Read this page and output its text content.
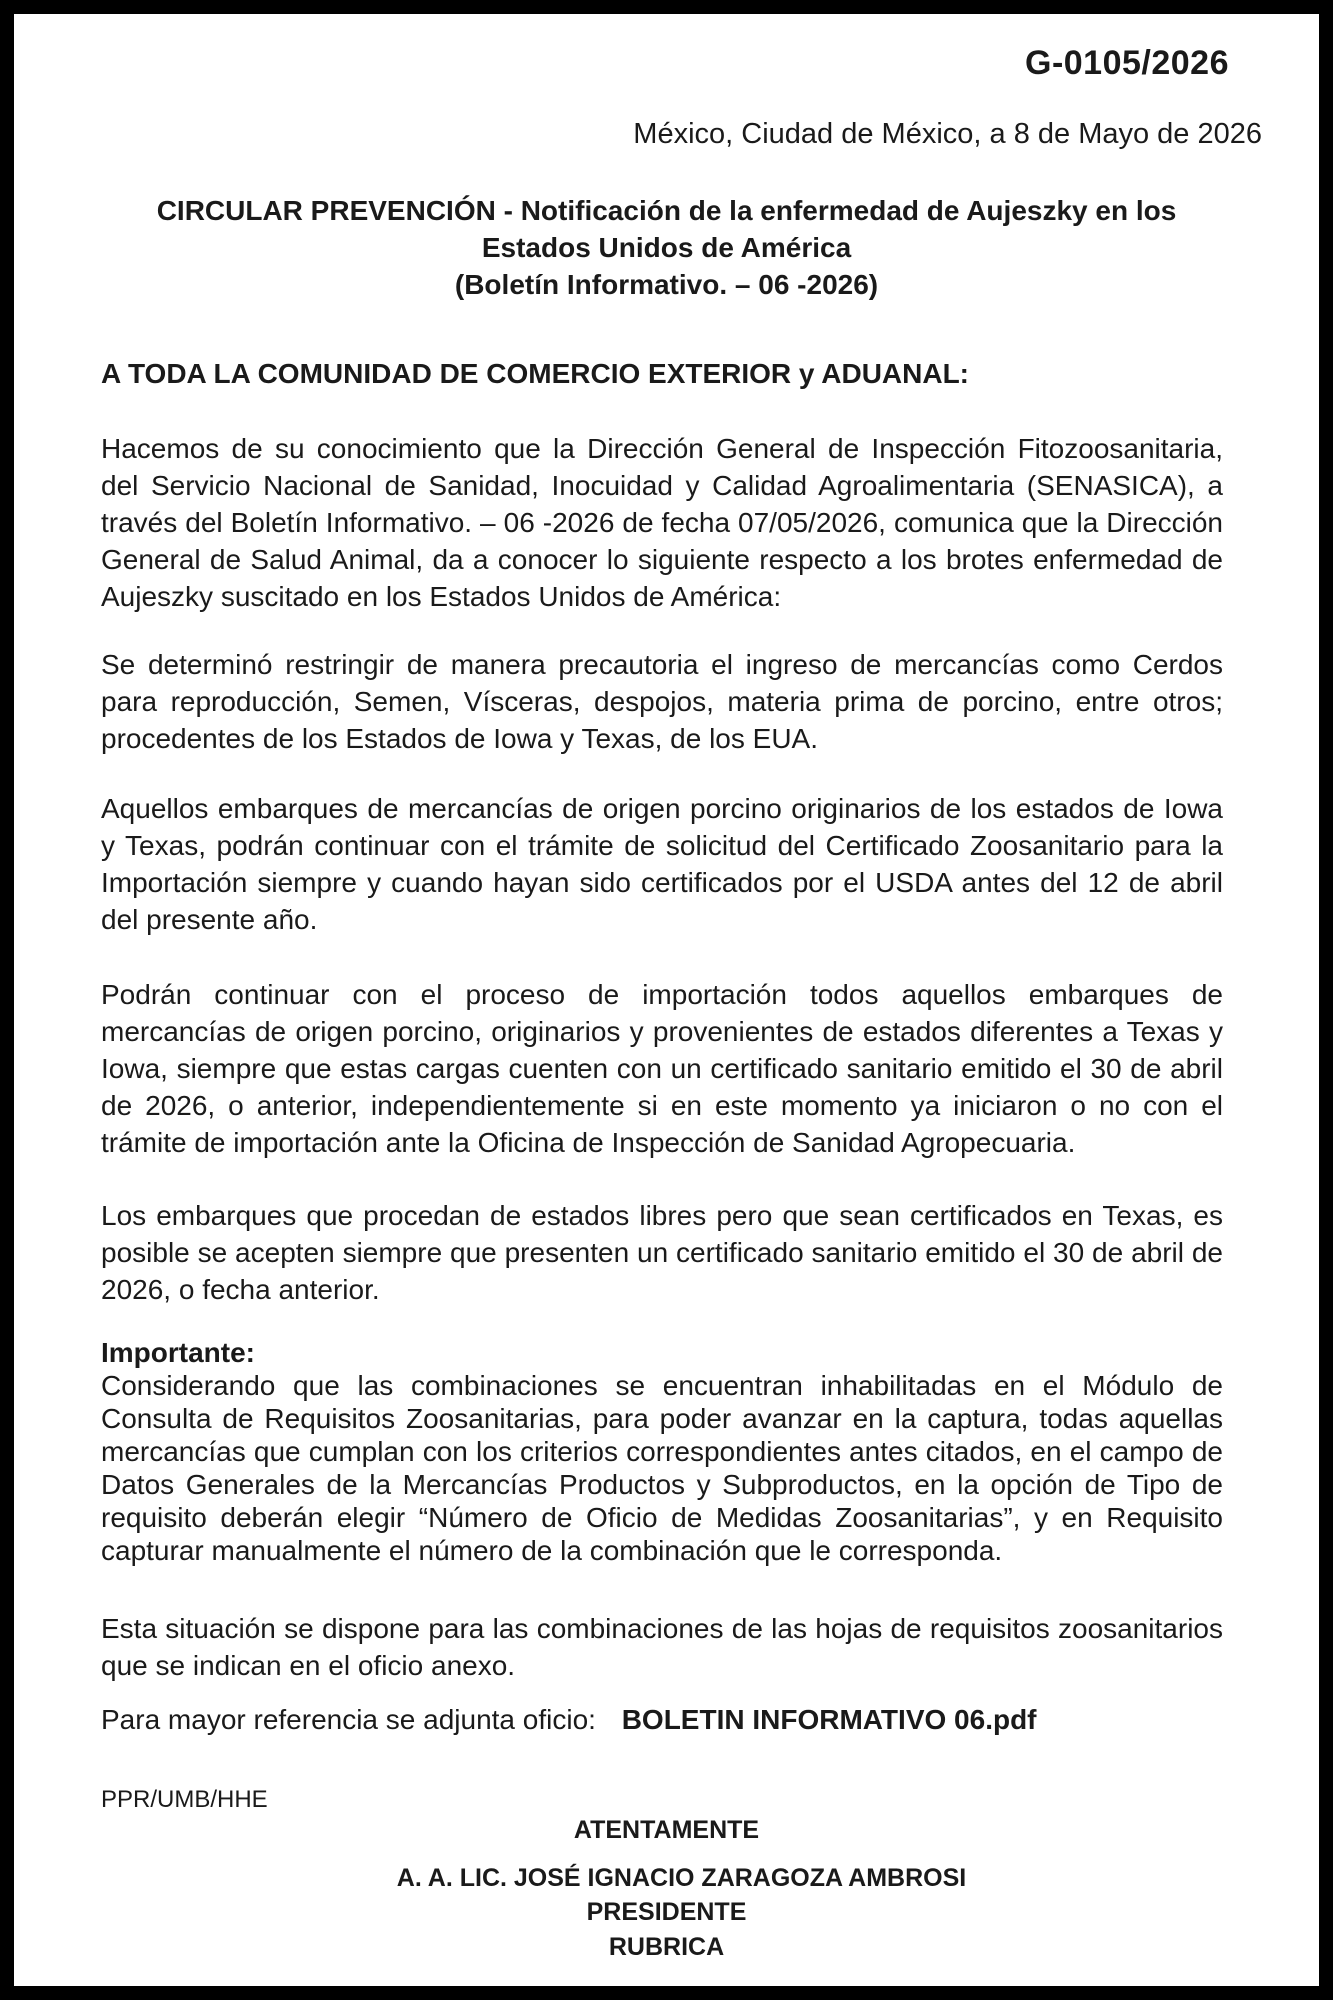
G-0105/2026
México, Ciudad de México, a 8 de Mayo de 2026
CIRCULAR PREVENCIÓN - Notificación de la enfermedad de Aujeszky en los
Estados Unidos de América
(Boletín Informativo. – 06 -2026)
A TODA LA COMUNIDAD DE COMERCIO EXTERIOR y ADUANAL:

Hacemos de su conocimiento que la Dirección General de Inspección Fitozoosanitaria, del Servicio Nacional de Sanidad, Inocuidad y Calidad Agroalimentaria (SENASICA), a través del Boletín Informativo. – 06 -2026 de fecha 07/05/2026, comunica que la Dirección General de Salud Animal, da a conocer lo siguiente respecto a los brotes enfermedad de Aujeszky suscitado en los Estados Unidos de América:

Se determinó restringir de manera precautoria el ingreso de mercancías como Cerdos para reproducción, Semen, Vísceras, despojos, materia prima de porcino, entre otros; procedentes de los Estados de Iowa y Texas, de los EUA.

Aquellos embarques de mercancías de origen porcino originarios de los estados de Iowa y Texas, podrán continuar con el trámite de solicitud del Certificado Zoosanitario para la Importación siempre y cuando hayan sido certificados por el USDA antes del 12 de abril del presente año.

Podrán continuar con el proceso de importación todos aquellos embarques de mercancías de origen porcino, originarios y provenientes de estados diferentes a Texas y Iowa, siempre que estas cargas cuenten con un certificado sanitario emitido el 30 de abril de 2026, o anterior, independientemente si en este momento ya iniciaron o no con el trámite de importación ante la Oficina de Inspección de Sanidad Agropecuaria.

Los embarques que procedan de estados libres pero que sean certificados en Texas, es posible se acepten siempre que presenten un certificado sanitario emitido el 30 de abril de 2026, o fecha anterior.

Importante:
Considerando que las combinaciones se encuentran inhabilitadas en el Módulo de Consulta de Requisitos Zoosanitarias, para poder avanzar en la captura, todas aquellas mercancías que cumplan con los criterios correspondientes antes citados, en el campo de Datos Generales de la Mercancías Productos y Subproductos, en la opción de Tipo de requisito deberán elegir “Número de Oficio de Medidas Zoosanitarias”, y en Requisito capturar manualmente el número de la combinación que le corresponda.

Esta situación se dispone para las combinaciones de las hojas de requisitos zoosanitarios que se indican en el oficio anexo.

Para mayor referencia se adjunta oficio: BOLETIN INFORMATIVO 06.pdf
PPR/UMB/HHE
ATENTAMENTE
A. A. LIC. JOSÉ IGNACIO ZARAGOZA AMBROSI
PRESIDENTE
RUBRICA
